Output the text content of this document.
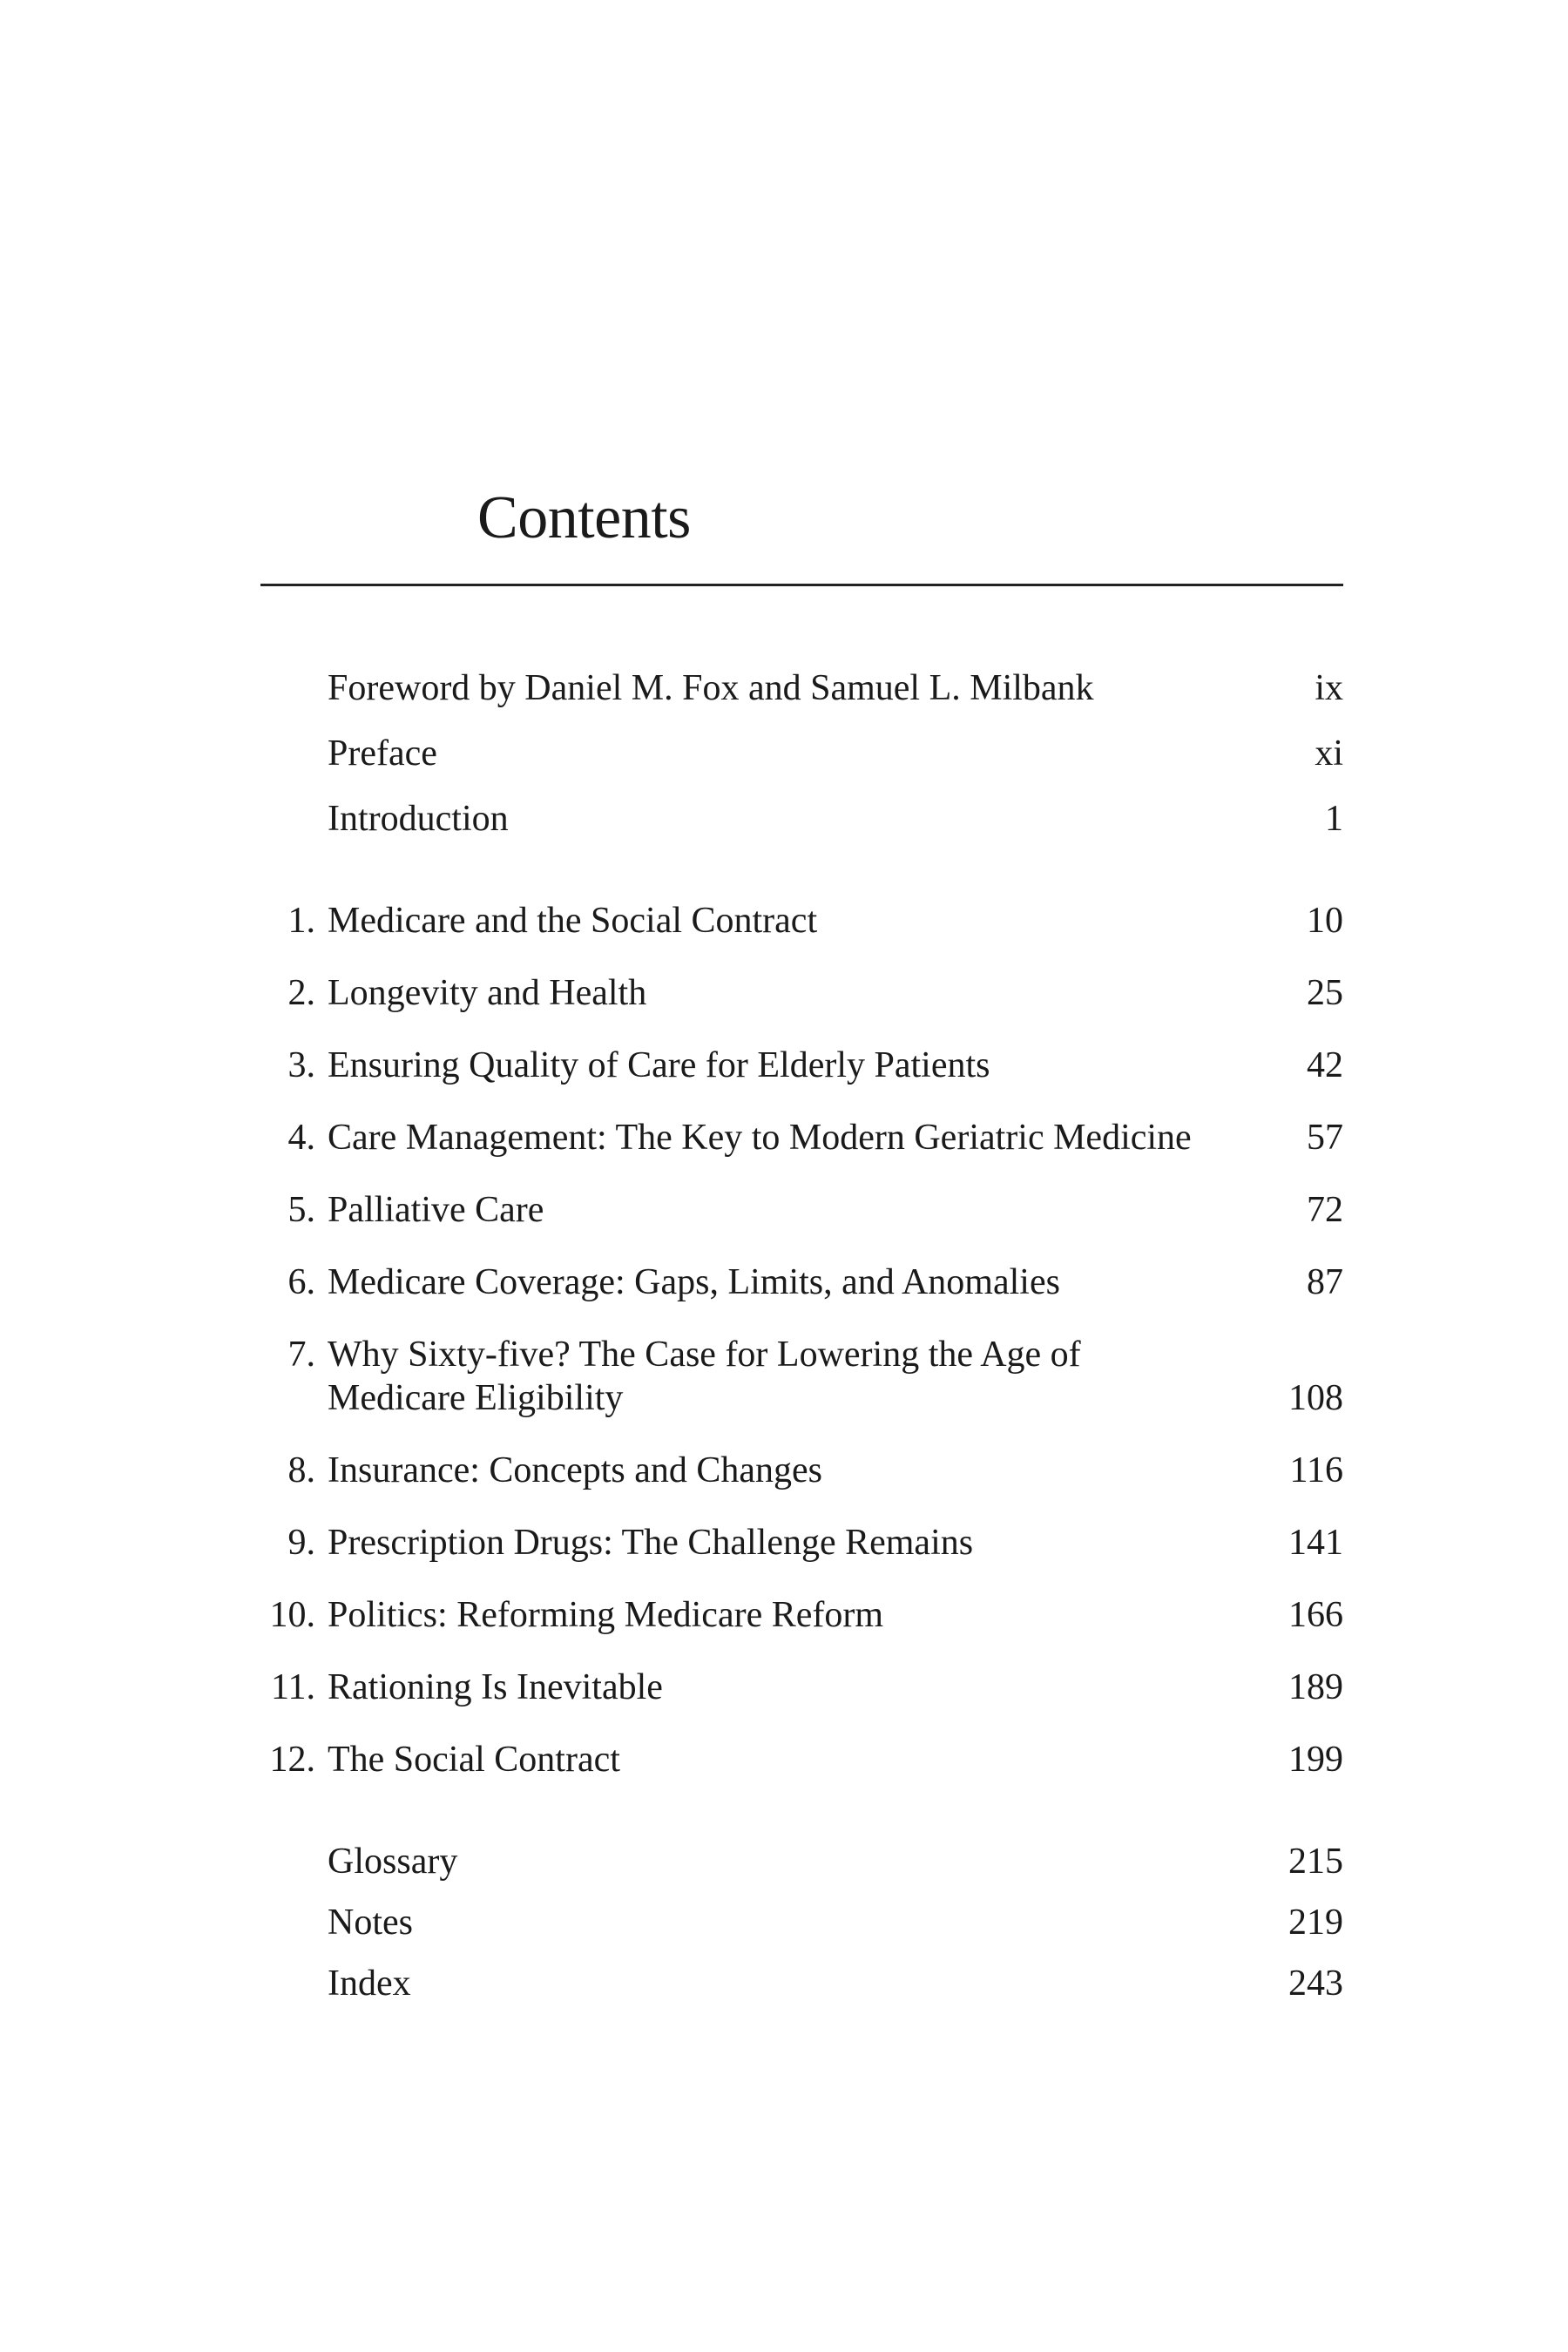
Contents
Foreword by Daniel M. Fox and Samuel L. Milbank	ix
Preface	xi
Introduction	1
1. Medicare and the Social Contract	10
2. Longevity and Health	25
3. Ensuring Quality of Care for Elderly Patients	42
4. Care Management: The Key to Modern Geriatric Medicine	57
5. Palliative Care	72
6. Medicare Coverage: Gaps, Limits, and Anomalies	87
7. Why Sixty-five? The Case for Lowering the Age of Medicare Eligibility	108
8. Insurance: Concepts and Changes	116
9. Prescription Drugs: The Challenge Remains	141
10. Politics: Reforming Medicare Reform	166
11. Rationing Is Inevitable	189
12. The Social Contract	199
Glossary	215
Notes	219
Index	243
